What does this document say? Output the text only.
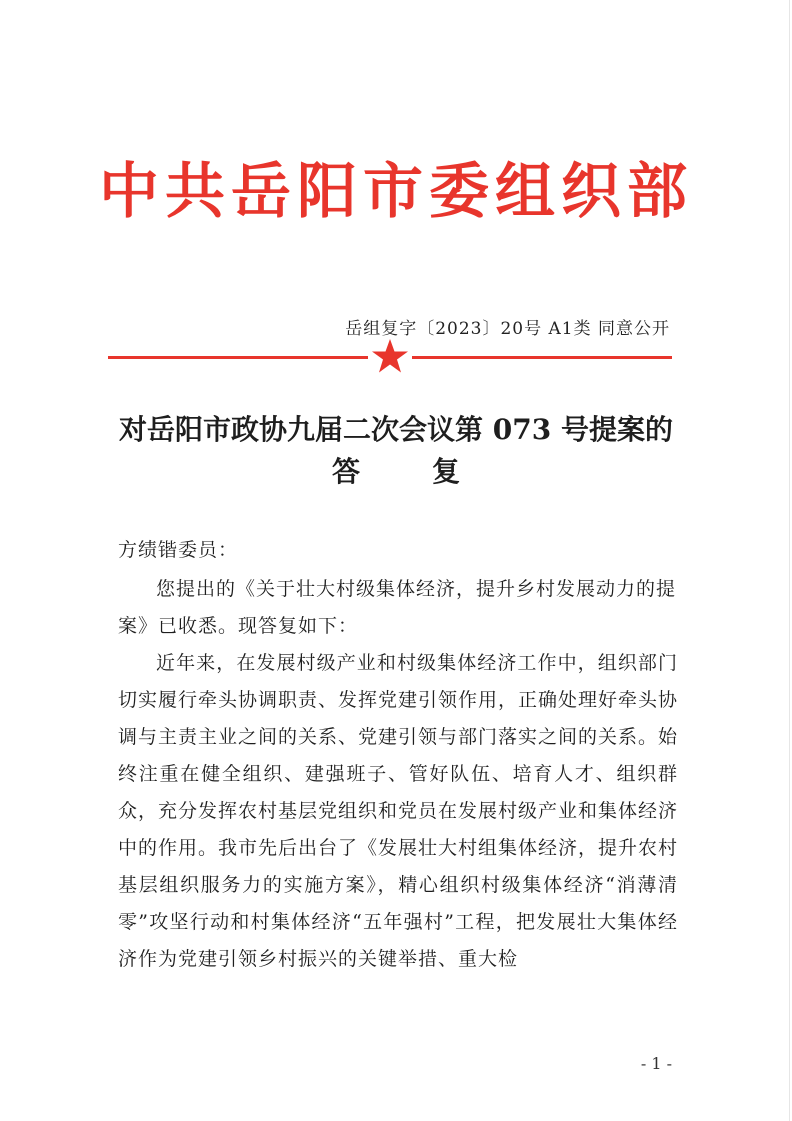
中共岳阳市委组织部
岳组复字〔2023〕20号 A1类 同意公开
对岳阳市政协九届二次会议第 073 号提案的
答	复
方绩锴委员：
您提出的《关于壮大村级集体经济，提升乡村发展动力的提案》已收悉。现答复如下：
近年来，在发展村级产业和村级集体经济工作中，组织部门切实履行牵头协调职责、发挥党建引领作用，正确处理好牵头协调与主责主业之间的关系、党建引领与部门落实之间的关系。始终注重在健全组织、建强班子、管好队伍、培育人才、组织群众，充分发挥农村基层党组织和党员在发展村级产业和集体经济中的作用。我市先后出台了《发展壮大村组集体经济，提升农村基层组织服务力的实施方案》，精心组织村级集体经济“消薄清零”攻坚行动和村集体经济“五年强村”工程，把发展壮大集体经济作为党建引领乡村振兴的关键举措、重大检
- 1 -
